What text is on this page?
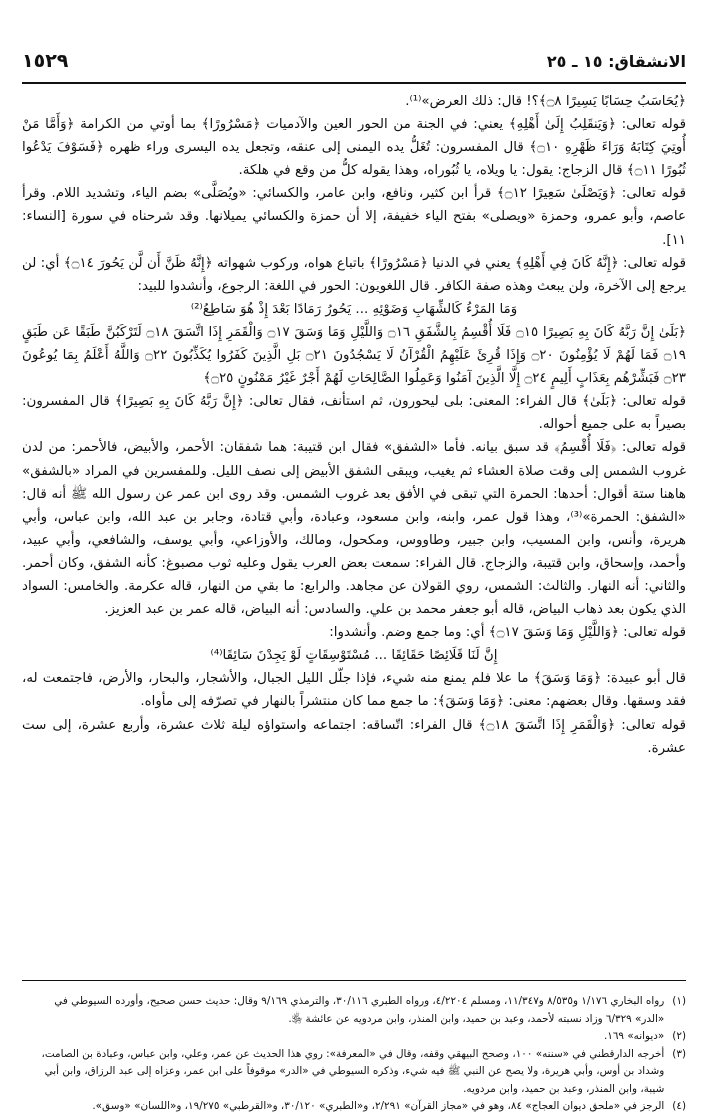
١٥٢٩	الانشقاق: ١٥ ـ ٢٥

﴿يُحَاسَبُ حِسَابًا يَسِيرًا ۝٨﴾؟! قال: ذلك العرض»⁽¹⁾.

قوله تعالى: ﴿وَيَنقَلِبُ إِلَىٰ أَهْلِهِ﴾ يعني: في الجنة من الحور العين والآدميات ﴿مَسْرُورًا﴾ بما أوتي من الكرامة ﴿وَأَمَّا مَنْ أُوتِيَ كِتَابَهُ وَرَاءَ ظَهْرِهِ ۝١٠﴾ قال المفسرون: تُغَلُّ يده اليمنى إلى عنقه، وتجعل يده اليسرى وراء ظهره ﴿فَسَوْفَ يَدْعُوا ثُبُورًا ۝١١﴾ قال الزجاج: يقول: يا ويلاه، يا ثُبُوراه، وهذا يقوله كلُّ من وقع في هلكة.

قوله تعالى: ﴿وَيَصْلَىٰ سَعِيرًا ۝١٢﴾ قرأ ابن كثير، ونافع، وابن عامر، والكسائي: «ويُصَلَّى» بضم الياء، وتشديد اللام. وقرأ عاصم، وأبو عمرو، وحمزة «ويصلى» بفتح الياء خفيفة، إلا أن حمزة والكسائي يميلانها. وقد شرحناه في سورة [النساء: ١١].

قوله تعالى: ﴿إِنَّهُ كَانَ فِي أَهْلِهِ﴾ يعني في الدنيا ﴿مَسْرُورًا﴾ باتباع هواه، وركوب شهواته ﴿إِنَّهُ ظَنَّ أَن لَّن يَحُورَ ۝١٤﴾ أي: لن يرجع إلى الآخرة، ولن يبعث وهذه صفة الكافر. قال اللغويون: الحور في اللغة: الرجوع، وأنشدوا للبيد:

وَمَا المَرْءُ كَالشِّهَابِ وَضَوْئِهِ ... يَحُورُ رَمَادًا بَعْدَ إِذْ هُوَ سَاطِعُ⁽²⁾

﴿بَلَىٰ إِنَّ رَبَّهُ كَانَ بِهِ بَصِيرًا ۝١٥ فَلَا أُقْسِمُ بِالشَّفَقِ ۝١٦ وَاللَّيْلِ وَمَا وَسَقَ ۝١٧ وَالْقَمَرِ إِذَا اتَّسَقَ ۝١٨ لَتَرْكَبُنَّ طَبَقًا عَن طَبَقٍ ۝١٩ فَمَا لَهُمْ لَا يُؤْمِنُونَ ۝٢٠ وَإِذَا قُرِئَ عَلَيْهِمُ الْقُرْآنُ لَا يَسْجُدُونَ ۝٢١ بَلِ الَّذِينَ كَفَرُوا يُكَذِّبُونَ ۝٢٢ وَاللَّهُ أَعْلَمُ بِمَا يُوعُونَ ۝٢٣ فَبَشِّرْهُم بِعَذَابٍ أَلِيمٍ ۝٢٤ إِلَّا الَّذِينَ آمَنُوا وَعَمِلُوا الصَّالِحَاتِ لَهُمْ أَجْرٌ غَيْرُ مَمْنُونٍ ۝٢٥﴾

قوله تعالى: ﴿بَلَىٰ﴾ قال الفراء: المعنى: بلى ليحورون، ثم استأنف، فقال تعالى: ﴿إِنَّ رَبَّهُ كَانَ بِهِ بَصِيرًا﴾ قال المفسرون: بصيراً به على جميع أحواله.

قوله تعالى: ﴿فَلَا أُقْسِمُ﴾ قد سبق بيانه. فأما «الشفق» فقال ابن قتيبة: هما شفقان: الأحمر، والأبيض، فالأحمر: من لدن غروب الشمس إلى وقت صلاة العشاء ثم يغيب، ويبقى الشفق الأبيض إلى نصف الليل. وللمفسرين في المراد «بالشفق» هاهنا ستة أقوال: أحدها: الحمرة التي تبقى في الأفق بعد غروب الشمس. وقد روى ابن عمر عن رسول الله ﷺ أنه قال: «الشفق: الحمرة»⁽³⁾، وهذا قول عمر، وابنه، وابن مسعود، وعبادة، وأبي قتادة، وجابر بن عبد الله، وابن عباس، وأبي هريرة، وأنس، وابن المسيب، وابن جبير، وطاووس، ومكحول، ومالك، والأوزاعي، وأبي يوسف، والشافعي، وأبي عبيد، وأحمد، وإسحاق، وابن قتيبة، والزجاج. قال الفراء: سمعت بعض العرب يقول وعليه ثوب مصبوغ: كأنه الشفق، وكان أحمر. والثاني: أنه النهار. والثالث: الشمس، روي القولان عن مجاهد. والرابع: ما بقي من النهار، قاله عكرمة. والخامس: السواد الذي يكون بعد ذهاب البياض، قاله أبو جعفر محمد بن علي. والسادس: أنه البياض، قاله عمر بن عبد العزيز.

قوله تعالى: ﴿وَاللَّيْلِ وَمَا وَسَقَ ۝١٧﴾ أي: وما جمع وضم. وأنشدوا:

إِنَّ لَنَا قَلَائِصًا حَقَائِقَا ... مُسْتَوْسِقَاتٍ لَوْ يَجِدْنَ سَائِقَا⁽⁴⁾

قال أبو عبيدة: ﴿وَمَا وَسَقَ﴾ ما علا فلم يمنع منه شيء، فإذا جلّل الليل الجبال، والأشجار، والبحار، والأرض، فاجتمعت له، فقد وسقها. وقال بعضهم: معنى: ﴿وَمَا وَسَقَ﴾: ما جمع مما كان منتشراً بالنهار في تصرّفه إلى مأواه.

قوله تعالى: ﴿وَالْقَمَرِ إِذَا اتَّسَقَ ۝١٨﴾ قال الفراء: اتّساقه: اجتماعه واستواؤه ليلة ثلاث عشرة، وأربع عشرة، إلى ست عشرة.

(١)
رواه البخاري ١/١٧٦ و٨/٥٣٥ و١١/٣٤٧، ومسلم ٤/٢٢٠٤، ورواه الطبري ٣٠/١١٦، والترمذي ٩/١٦٩ وقال: حديث حسن صحيح، وأورده السيوطي في «الدر» ٦/٣٢٩ وزاد نسبته لأحمد، وعبد بن حميد، وابن المنذر، وابن مردويه عن عائشة ﵂.
(٢)
«ديوانه» ١٦٩.
(٣)
أخرجه الدارقطني في «سننه» ١٠٠، وصحح البيهقي وقفه، وقال في «المعرفة»: روي هذا الحديث عن عمر، وعلي، وابن عباس، وعبادة بن الصامت، وشداد بن أوس، وأبي هريرة، ولا يصح عن النبي ﷺ فيه شيء، وذكره السيوطي في «الدر» موقوفاً على ابن عمر، وعزاه إلى عبد الرزاق، وابن أبي شيبة، وابن المنذر، وعبد بن حميد، وابن مردويه.
(٤)
الرجز في «ملحق ديوان العجاج» ٨٤، وهو في «مجاز القرآن» ٢/٢٩١، و«الطبري» ٣٠/١٢٠، و«القرطبي» ١٩/٢٧٥، و«اللسان» «وسق».
